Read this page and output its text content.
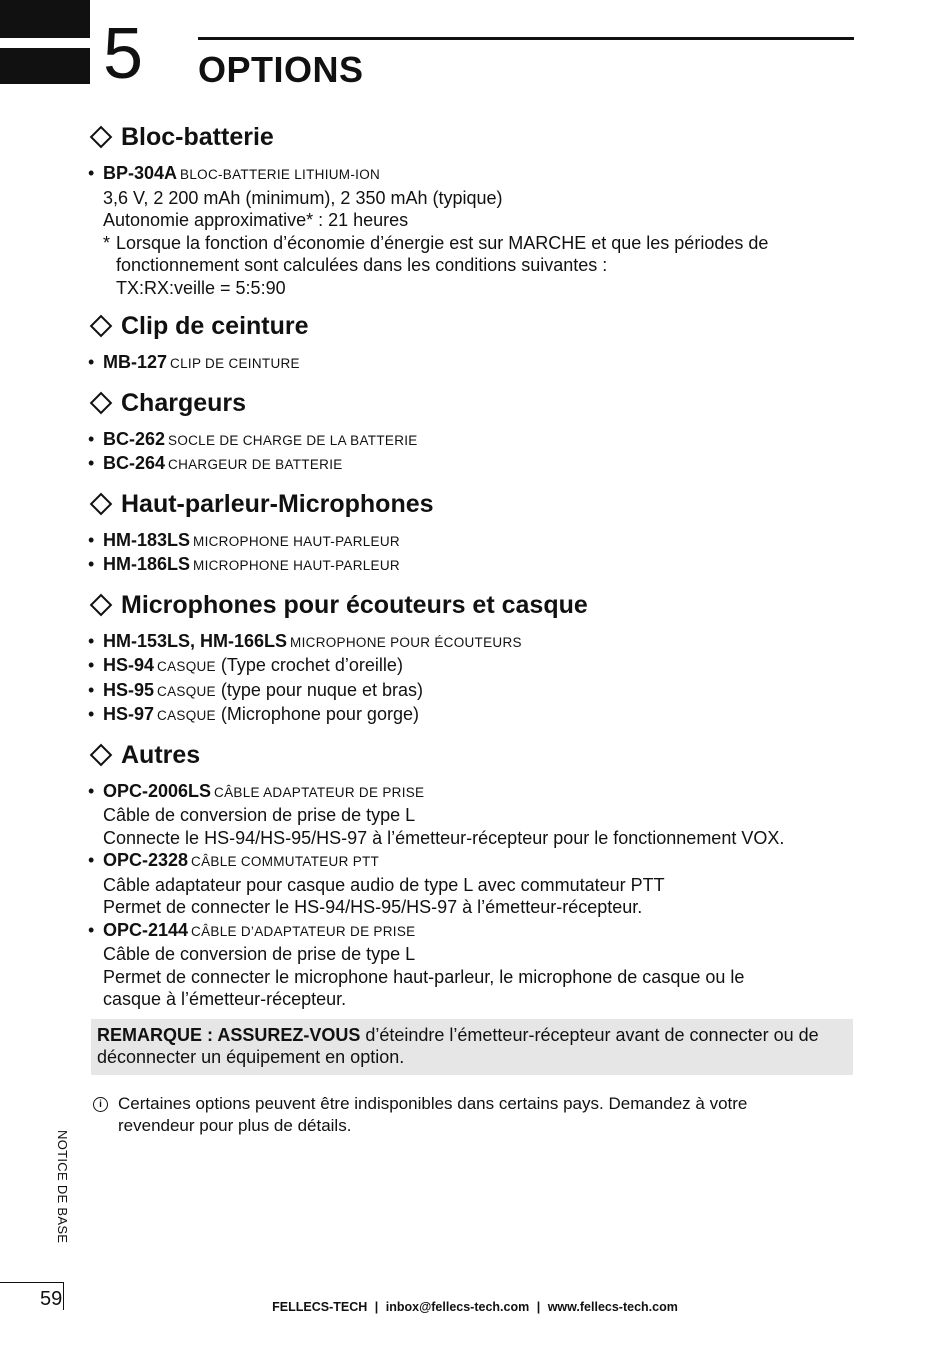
5 OPTIONS
Bloc-batterie
• BP-304A BLOC-BATTERIE LITHIUM-ION
3,6 V, 2 200 mAh (minimum), 2 350 mAh (typique)
Autonomie approximative* : 21 heures
* Lorsque la fonction d’économie d’énergie est sur MARCHE et que les périodes de
fonctionnement sont calculées dans les conditions suivantes :
TX:RX:veille = 5:5:90
Clip de ceinture
• MB-127 CLIP DE CEINTURE
Chargeurs
• BC-262 SOCLE DE CHARGE DE LA BATTERIE
• BC-264 CHARGEUR DE BATTERIE
Haut-parleur-Microphones
• HM-183LS MICROPHONE HAUT-PARLEUR
• HM-186LS MICROPHONE HAUT-PARLEUR
Microphones pour écouteurs et casque
• HM-153LS, HM-166LS MICROPHONE POUR ÉCOUTEURS
• HS-94 CASQUE (Type crochet d’oreille)
• HS-95 CASQUE (type pour nuque et bras)
• HS-97 CASQUE (Microphone pour gorge)
Autres
• OPC-2006LS CÂBLE ADAPTATEUR DE PRISE
Câble de conversion de prise de type L
Connecte le HS-94/HS-95/HS-97 à l’émetteur-récepteur pour le fonctionnement VOX.
• OPC-2328 CÂBLE COMMUTATEUR PTT
Câble adaptateur pour casque audio de type L avec commutateur PTT
Permet de connecter le HS-94/HS-95/HS-97 à l’émetteur-récepteur.
• OPC-2144 CÂBLE D’ADAPTATEUR DE PRISE
Câble de conversion de prise de type L
Permet de connecter le microphone haut-parleur, le microphone de casque ou le
casque à l’émetteur-récepteur.
REMARQUE : ASSUREZ-VOUS d’éteindre l’émetteur-récepteur avant de connecter ou de déconnecter un équipement en option.
i Certaines options peuvent être indisponibles dans certains pays. Demandez à votre
revendeur pour plus de détails.
NOTICE DE BASE
59	FELLECS-TECH | inbox@fellecs-tech.com | www.fellecs-tech.com
